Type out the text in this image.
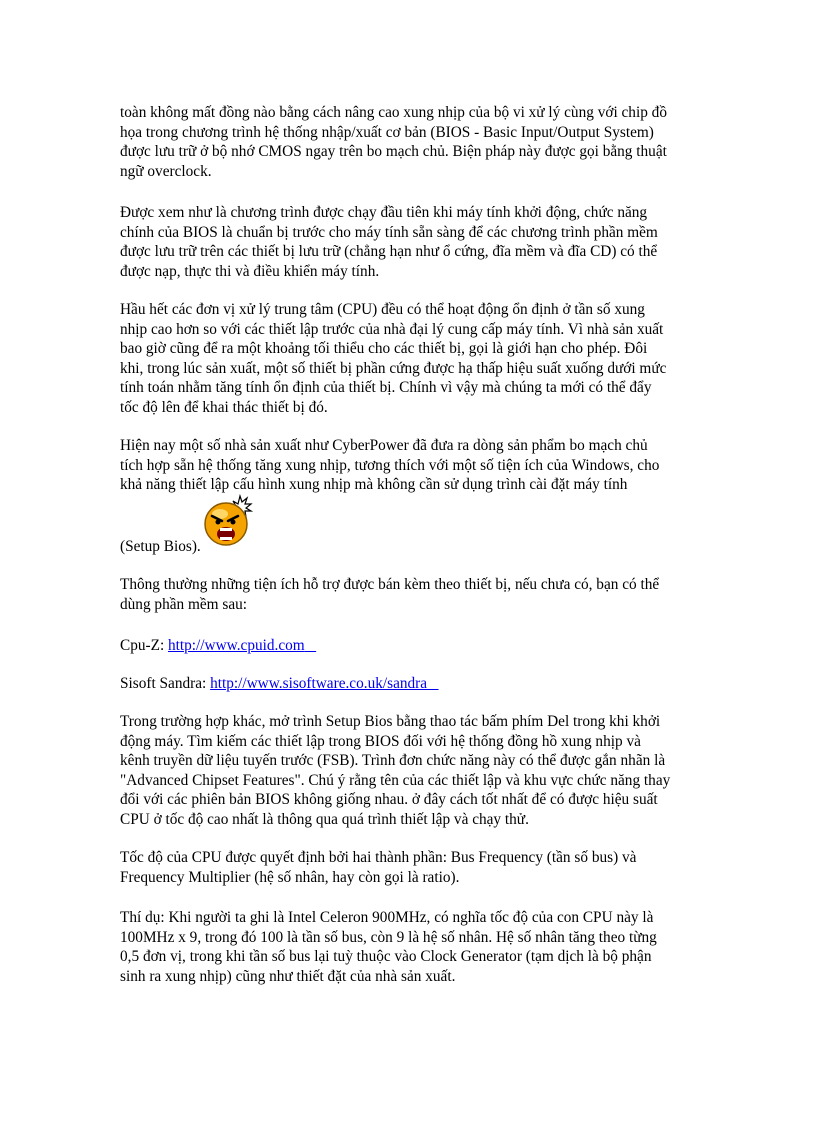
toàn không mất đồng nào bằng cách nâng cao xung nhịp của bộ vi xử lý cùng với chip đồ
họa trong chương trình hệ thống nhập/xuất cơ bản (BIOS - Basic Input/Output System)
được lưu trữ ở bộ nhớ CMOS ngay trên bo mạch chủ. Biện pháp này được gọi bằng thuật
ngữ overclock.
Được xem như là chương trình được chạy đầu tiên khi máy tính khởi động, chức năng
chính của BIOS là chuẩn bị trước cho máy tính sẵn sàng để các chương trình phần mềm
được lưu trữ trên các thiết bị lưu trữ (chẳng hạn như ổ cứng, đĩa mềm và đĩa CD) có thể
được nạp, thực thi và điều khiển máy tính.
Hầu hết các đơn vị xử lý trung tâm (CPU) đều có thể hoạt động ổn định ở tần số xung
nhịp cao hơn so với các thiết lập trước của nhà đại lý cung cấp máy tính. Vì nhà sản xuất
bao giờ cũng để ra một khoảng tối thiểu cho các thiết bị, gọi là giới hạn cho phép. Đôi
khi, trong lúc sản xuất, một số thiết bị phần cứng được hạ thấp hiệu suất xuống dưới mức
tính toán nhằm tăng tính ổn định của thiết bị. Chính vì vậy mà chúng ta mới có thể đẩy
tốc độ lên để khai thác thiết bị đó.
Hiện nay một số nhà sản xuất như CyberPower đã đưa ra dòng sản phẩm bo mạch chủ
tích hợp sẵn hệ thống tăng xung nhịp, tương thích với một số tiện ích của Windows, cho
khả năng thiết lập cấu hình xung nhịp mà không cần sử dụng trình cài đặt máy tính
(Setup Bios).
Thông thường những tiện ích hỗ trợ được bán kèm theo thiết bị, nếu chưa có, bạn có thể
dùng phần mềm sau:
Cpu-Z: http://www.cpuid.com
Sisoft Sandra: http://www.sisoftware.co.uk/sandra
Trong trường hợp khác, mở trình Setup Bios bằng thao tác bấm phím Del trong khi khởi
động máy. Tìm kiếm các thiết lập trong BIOS đối với hệ thống đồng hồ xung nhịp và
kênh truyền dữ liệu tuyến trước (FSB). Trình đơn chức năng này có thể được gắn nhãn là
"Advanced Chipset Features". Chú ý rằng tên của các thiết lập và khu vực chức năng thay
đổi với các phiên bản BIOS không giống nhau. ở đây cách tốt nhất để có được hiệu suất
CPU ở tốc độ cao nhất là thông qua quá trình thiết lập và chạy thử.
Tốc độ của CPU được quyết định bởi hai thành phần: Bus Frequency (tần số bus) và
Frequency Multiplier (hệ số nhân, hay còn gọi là ratio).
Thí dụ: Khi người ta ghi là Intel Celeron 900MHz, có nghĩa tốc độ của con CPU này là
100MHz x 9, trong đó 100 là tần số bus, còn 9 là hệ số nhân. Hệ số nhân tăng theo từng
0,5 đơn vị, trong khi tần số bus lại tuỳ thuộc vào Clock Generator (tạm dịch là bộ phận
sinh ra xung nhịp) cũng như thiết đặt của nhà sản xuất.
